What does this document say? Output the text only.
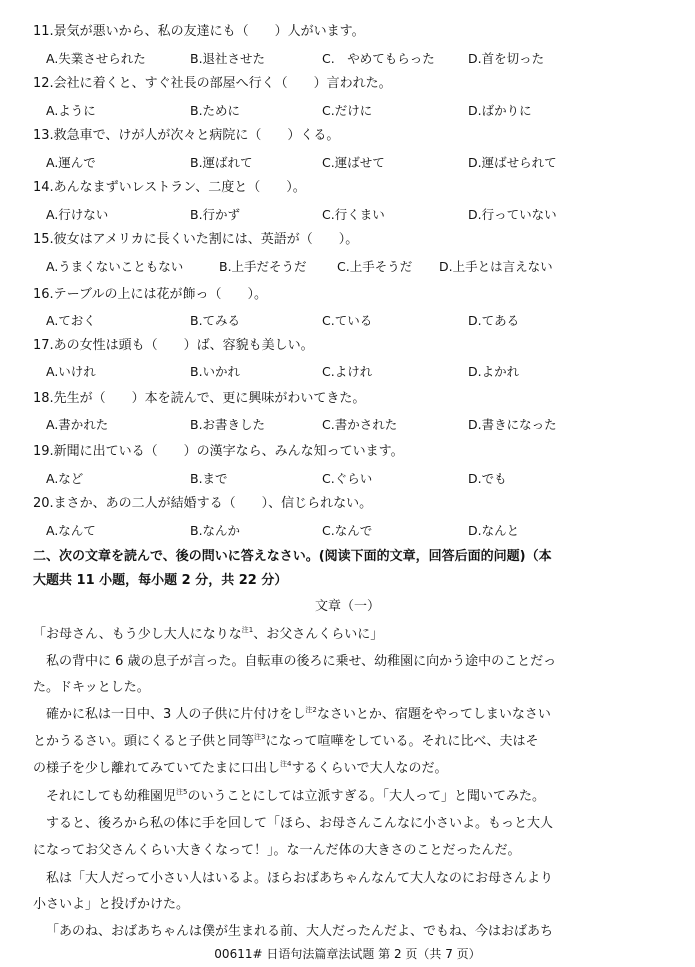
11.景気が悪いから、私の友達にも（　　）人がいます。
A.失業させられた	B.退社させた	C.　やめてもらった	D.首を切った
12.会社に着くと、すぐ社長の部屋へ行く（　　）言われた。
A.ように	B.ために	C.だけに	D.ばかりに
13.救急車で、けが人が次々と病院に（　　）くる。
A.運んで	B.運ばれて	C.運ばせて	D.運ばせられて
14.あんなまずいレストラン、二度と（　　）。
A.行けない	B.行かず	C.行くまい	D.行っていない
15.彼女はアメリカに長くいた割には、英語が（　　）。
A.うまくないこともない	B.上手だそうだ C.上手そうだ D.上手とは言えない
16.テーブルの上には花が飾っ（　　）。
A.ておく	B.てみる	C.ている	D.てある
17.あの女性は頭も（　　）ば、容貌も美しい。
A.いけれ	B.いかれ	C.よけれ	D.よかれ
18.先生が（　　）本を読んで、更に興味がわいてきた。
A.書かれた	B.お書きした	C.書かされた	D.書きになった
19.新聞に出ている（　　）の漢字なら、みんな知っています。
A.など	B.まで	C.ぐらい	D.でも
20.まさか、あの二人が結婚する（　　）、信じられない。
A.なんて	B.なんか	C.なんで	D.なんと
二、次の文章を読んで、後の問いに答えなさい。(阅读下面的文章，回答后面的问题)（本
大题共 11 小题，每小题 2 分，共 22 分）
文章（一）
「お母さん、もう少し大人になりな$^{注1}$、お父さんくらいに」
私の背中に 6 歳の息子が言った。自転車の後ろに乗せ、幼稚園に向かう途中のことだっ
た。ドキッとした。
確かに私は一日中、3 人の子供に片付けをし$^{注2}$なさいとか、宿題をやってしまいなさい
とかうるさい。頭にくると子供と同等$^{注3}$になって喧嘩をしている。それに比べ、夫はそ
の様子を少し離れてみていてたまに口出し$^{注4}$するくらいで大人なのだ。
それにしても幼稚園児$^{注5}$のいうことにしては立派すぎる。「大人って」と聞いてみた。
すると、後ろから私の体に手を回して「ほら、お母さんこんなに小さいよ。もっと大人
になってお父さんくらい大きくなって！」。な一んだ体の大きさのことだったんだ。
私は「大人だって小さい人はいるよ。ほらおばあちゃんなんて大人なのにお母さんより
小さいよ」と投げかけた。
「あのね、おばあちゃんは僕が生まれる前、大人だったんだよ、でもね、今はおばあち
00611# 日语句法篇章法试题 第 2 页（共 7 页）
